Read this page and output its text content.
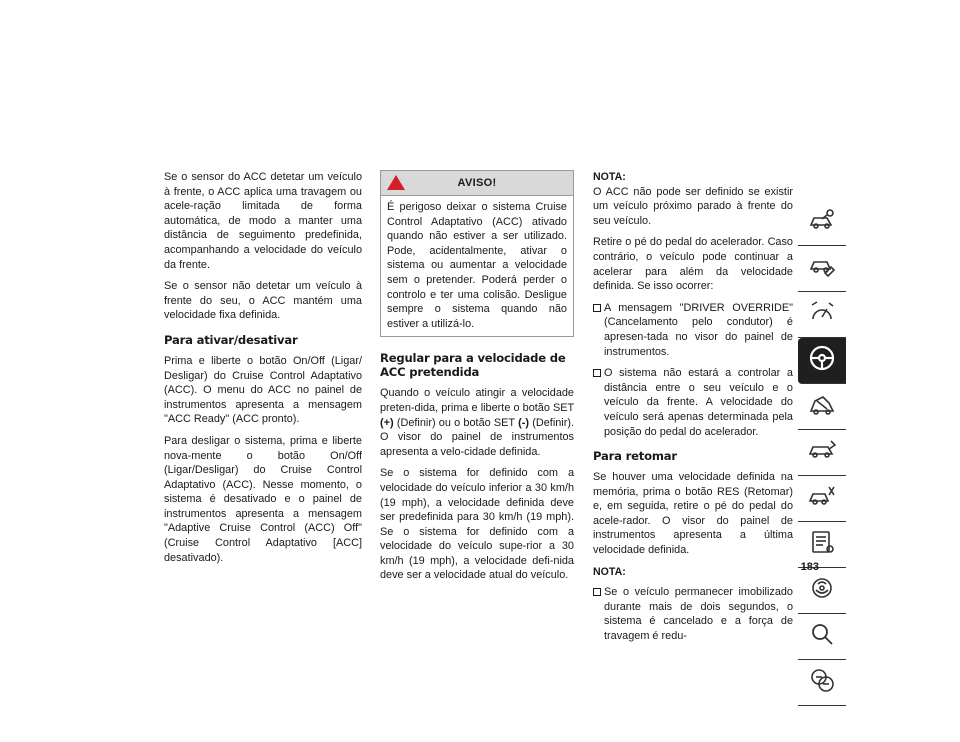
Se o sensor do ACC detetar um veículo à frente, o ACC aplica uma travagem ou acele-ração limitada de forma automática, de modo a manter uma distância de seguimento predefinida, acompanhando a velocidade do veículo da frente.

Se o sensor não detetar um veículo à frente do seu, o ACC mantém uma velocidade fixa definida.

Para ativar/desativar

Prima e liberte o botão On/Off (Ligar/ Desligar) do Cruise Control Adaptativo (ACC). O menu do ACC no painel de instrumentos apresenta a mensagem "ACC Ready" (ACC pronto).

Para desligar o sistema, prima e liberte nova-mente o botão On/Off (Ligar/Desligar) do Cruise Control Adaptativo (ACC). Nesse momento, o sistema é desativado e o painel de instrumentos apresenta a mensagem "Adaptive Cruise Control (ACC) Off" (Cruise Control Adaptativo [ACC] desativado).

AVISO!
É perigoso deixar o sistema Cruise Control Adaptativo (ACC) ativado quando não estiver a ser utilizado. Pode, acidentalmente, ativar o sistema ou aumentar a velocidade sem o pretender. Poderá perder o controlo e ter uma colisão. Desligue sempre o sistema quando não estiver a utilizá-lo.
Regular para a velocidade de ACC pretendida

Quando o veículo atingir a velocidade preten-dida, prima e liberte o botão SET (+) (Definir) ou o botão SET (-) (Definir). O visor do painel de instrumentos apresenta a velo-cidade definida.

Se o sistema for definido com a velocidade do veículo inferior a 30 km/h (19 mph), a velocidade definida deve ser predefinida para 30 km/h (19 mph). Se o sistema for definido com a velocidade do veículo supe-rior a 30 km/h (19 mph), a velocidade defi-nida deve ser a velocidade atual do veículo.

NOTA:

O ACC não pode ser definido se existir um veículo próximo parado à frente do seu veículo.

Retire o pé do pedal do acelerador. Caso contrário, o veículo pode continuar a acelerar para além da velocidade definida. Se isso ocorrer:

A mensagem "DRIVER OVERRIDE" (Cancelamento pelo condutor) é apresen-tada no visor do painel de instrumentos.
O sistema não estará a controlar a distância entre o seu veículo e o veículo da frente. A velocidade do veículo será apenas determinada pela posição do pedal do acelerador.
Para retomar

Se houver uma velocidade definida na memória, prima o botão RES (Retomar) e, em seguida, retire o pé do pedal do acele-rador. O visor do painel de instrumentos apresenta a última velocidade definida.

NOTA:
Se o veículo permanecer imobilizado durante mais de dois segundos, o sistema é cancelado e a força de travagem é redu-
183
